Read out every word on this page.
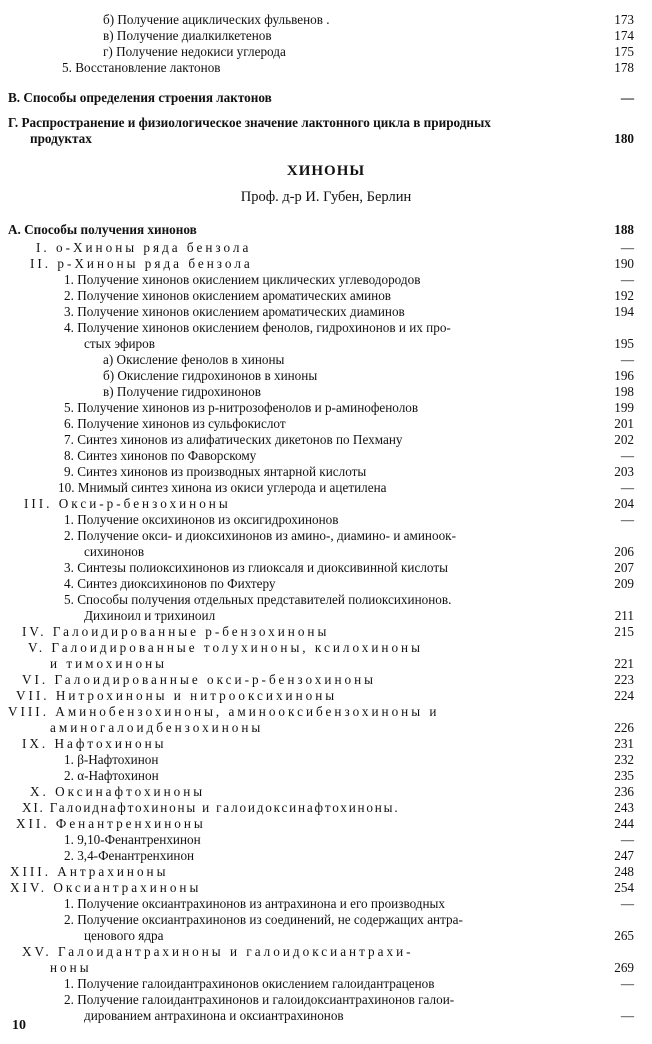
б) Получение ациклических фульвенов .	173
в) Получение диалкилкетенов	174
г) Получение недокиси углерода	175
5. Восстановление лактонов	178
В. Способы определения строения лактонов	—
Г. Распространение и физиологическое значение лактонного цикла в природных
продуктах	180
ХИНОНЫ
Проф. д-р И. Губен, Берлин
А. Способы получения хинонов	188
I. о-Хиноны ряда бензола	—
II. р-Хиноны ряда бензола	190
1. Получение хинонов окислением циклических углеводородов	—
2. Получение хинонов окислением ароматических аминов	192
3. Получение хинонов окислением ароматических диаминов	194
4. Получение хинонов окислением фенолов, гидрохинонов и их про-
стых эфиров	195
а) Окисление фенолов в хиноны	—
б) Окисление гидрохинонов в хиноны	196
в) Получение гидрохинонов	198
5. Получение хинонов из р-нитрозофенолов и р-аминофенолов	199
6. Получение хинонов из сульфокислот	201
7. Синтез хинонов из алифатических дикетонов по Пехману	202
8. Синтез хинонов по Фаворскому	—
9. Синтез хинонов из производных янтарной кислоты	203
10. Мнимый синтез хинона из окиси углерода и ацетилена	—
III. Окси-р-бензохиноны	204
1. Получение оксихинонов из оксигидрохинонов	—
2. Получение окси- и диоксихинонов из амино-, диамино- и аминоок-
сихинонов	206
3. Синтезы полиоксихинонов из глиоксаля и диоксивинной кислоты	207
4. Синтез диоксихинонов по Фихтеру	209
5. Способы получения отдельных представителей полиоксихинонов.
Дихиноил и трихиноил	211
IV. Галоидированные р-бензохиноны	215
V. Галоидированные толухиноны, ксилохиноны
и тимохиноны	221
VI. Галоидированные окси-р-бензохиноны	223
VII. Нитрохиноны и нитрооксихиноны	224
VIII. Аминобензохиноны, аминооксибензохиноны и
аминогалоидбензохиноны	226
IX. Нафтохиноны	231
1. β-Нафтохинон	232
2. α-Нафтохинон	235
X. Оксинафтохиноны	236
XI. Галоиднафтохиноны и галоидоксинафтохиноны.	243
XII. Фенантренхиноны	244
1. 9,10-Фенантренхинон	—
2. 3,4-Фенантренхинон	247
XIII. Антрахиноны	248
XIV. Оксиантрахиноны	254
1. Получение оксиантрахинонов из антрахинона и его производных	—
2. Получение оксиантрахинонов из соединений, не содержащих антра-
ценового ядра	265
XV. Галоидантрахиноны и галоидоксиантрахи-
ноны	269
1. Получение галоидантрахинонов окислением галоидантраценов	—
2. Получение галоидантрахинонов и галоидоксиантрахинонов галои-
дированием антрахинона и оксиантрахинонов	—
10
